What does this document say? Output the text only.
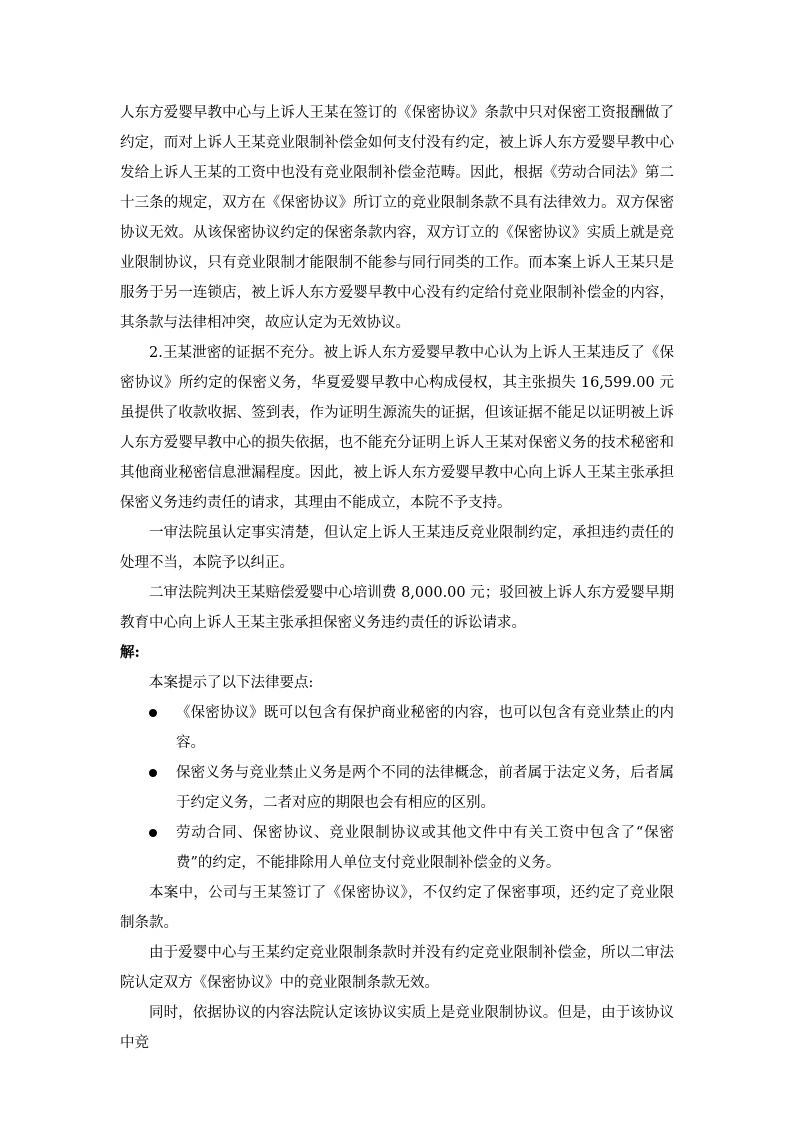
人东方爱婴早教中心与上诉人王某在签订的《保密协议》条款中只对保密工资报酬做了约定，而对上诉人王某竞业限制补偿金如何支付没有约定，被上诉人东方爱婴早教中心发给上诉人王某的工资中也没有竞业限制补偿金范畴。因此，根据《劳动合同法》第二十三条的规定，双方在《保密协议》所订立的竞业限制条款不具有法律效力。双方保密协议无效。从该保密协议约定的保密条款内容，双方订立的《保密协议》实质上就是竞业限制协议，只有竞业限制才能限制不能参与同行同类的工作。而本案上诉人王某只是服务于另一连锁店，被上诉人东方爱婴早教中心没有约定给付竞业限制补偿金的内容，其条款与法律相冲突，故应认定为无效协议。

2.王某泄密的证据不充分。被上诉人东方爱婴早教中心认为上诉人王某违反了《保密协议》所约定的保密义务，华夏爱婴早教中心构成侵权，其主张损失 16,599.00 元虽提供了收款收据、签到表，作为证明生源流失的证据，但该证据不能足以证明被上诉人东方爱婴早教中心的损失依据，也不能充分证明上诉人王某对保密义务的技术秘密和其他商业秘密信息泄漏程度。因此，被上诉人东方爱婴早教中心向上诉人王某主张承担保密义务违约责任的请求，其理由不能成立，本院不予支持。

一审法院虽认定事实清楚，但认定上诉人王某违反竞业限制约定，承担违约责任的处理不当，本院予以纠正。

二审法院判决王某赔偿爱婴中心培训费 8,000.00 元；驳回被上诉人东方爱婴早期教育中心向上诉人王某主张承担保密义务违约责任的诉讼请求。

解:

本案提示了以下法律要点:

《保密协议》既可以包含有保护商业秘密的内容，也可以包含有竞业禁止的内容。
保密义务与竞业禁止义务是两个不同的法律概念，前者属于法定义务，后者属于约定义务，二者对应的期限也会有相应的区别。
劳动合同、保密协议、竞业限制协议或其他文件中有关工资中包含了“保密费”的约定，不能排除用人单位支付竞业限制补偿金的义务。

本案中，公司与王某签订了《保密协议》，不仅约定了保密事项，还约定了竞业限制条款。

由于爱婴中心与王某约定竞业限制条款时并没有约定竞业限制补偿金，所以二审法院认定双方《保密协议》中的竞业限制条款无效。

同时，依据协议的内容法院认定该协议实质上是竞业限制协议。但是，由于该协议中竞
